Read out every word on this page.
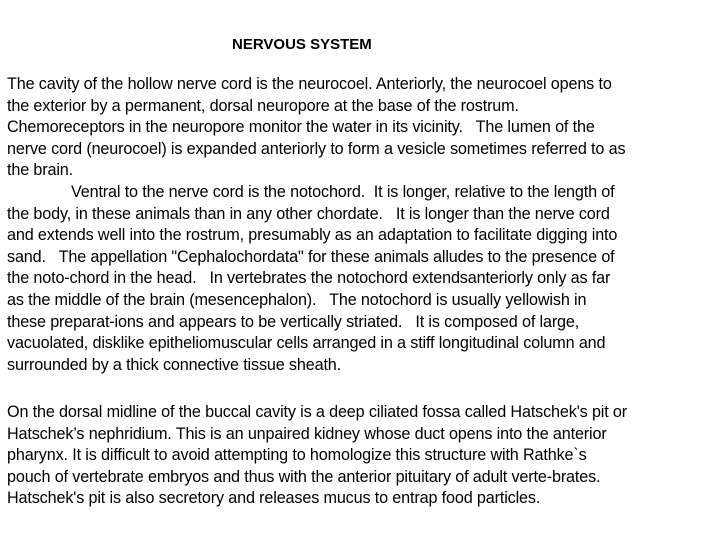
NERVOUS SYSTEM
The cavity of the hollow nerve cord is the neurocoel. Anteriorly, the neurocoel opens to
the exterior by a permanent, dorsal neuropore at the base of the rostrum.
Chemoreceptors in the neuropore monitor the water in its vicinity.   The lumen of the
nerve cord (neurocoel) is expanded anteriorly to form a vesicle sometimes referred to as
the brain.
Ventral to the nerve cord is the notochord.  It is longer, relative to the length of
the body, in these animals than in any other chordate.   It is longer than the nerve cord
and extends well into the rostrum, presumably as an adaptation to facilitate digging into
sand.   The appellation "Cephalochordata" for these animals alludes to the presence of
the noto-chord in the head.   In vertebrates the notochord extendsanteriorly only as far
as the middle of the brain (mesencephalon).   The notochord is usually yellowish in
these preparat-ions and appears to be vertically striated.   It is composed of large,
vacuolated, disklike epitheliomuscular cells arranged in a stiff longitudinal column and
surrounded by a thick connective tissue sheath.
On the dorsal midline of the buccal cavity is a deep ciliated fossa called Hatschek's pit or
Hatschek’s nephridium. This is an unpaired kidney whose duct opens into the anterior
pharynx. It is difficult to avoid attempting to homologize this structure with Rathke`s
pouch of vertebrate embryos and thus with the anterior pituitary of adult verte-brates.
Hatschek's pit is also secretory and releases mucus to entrap food particles.
